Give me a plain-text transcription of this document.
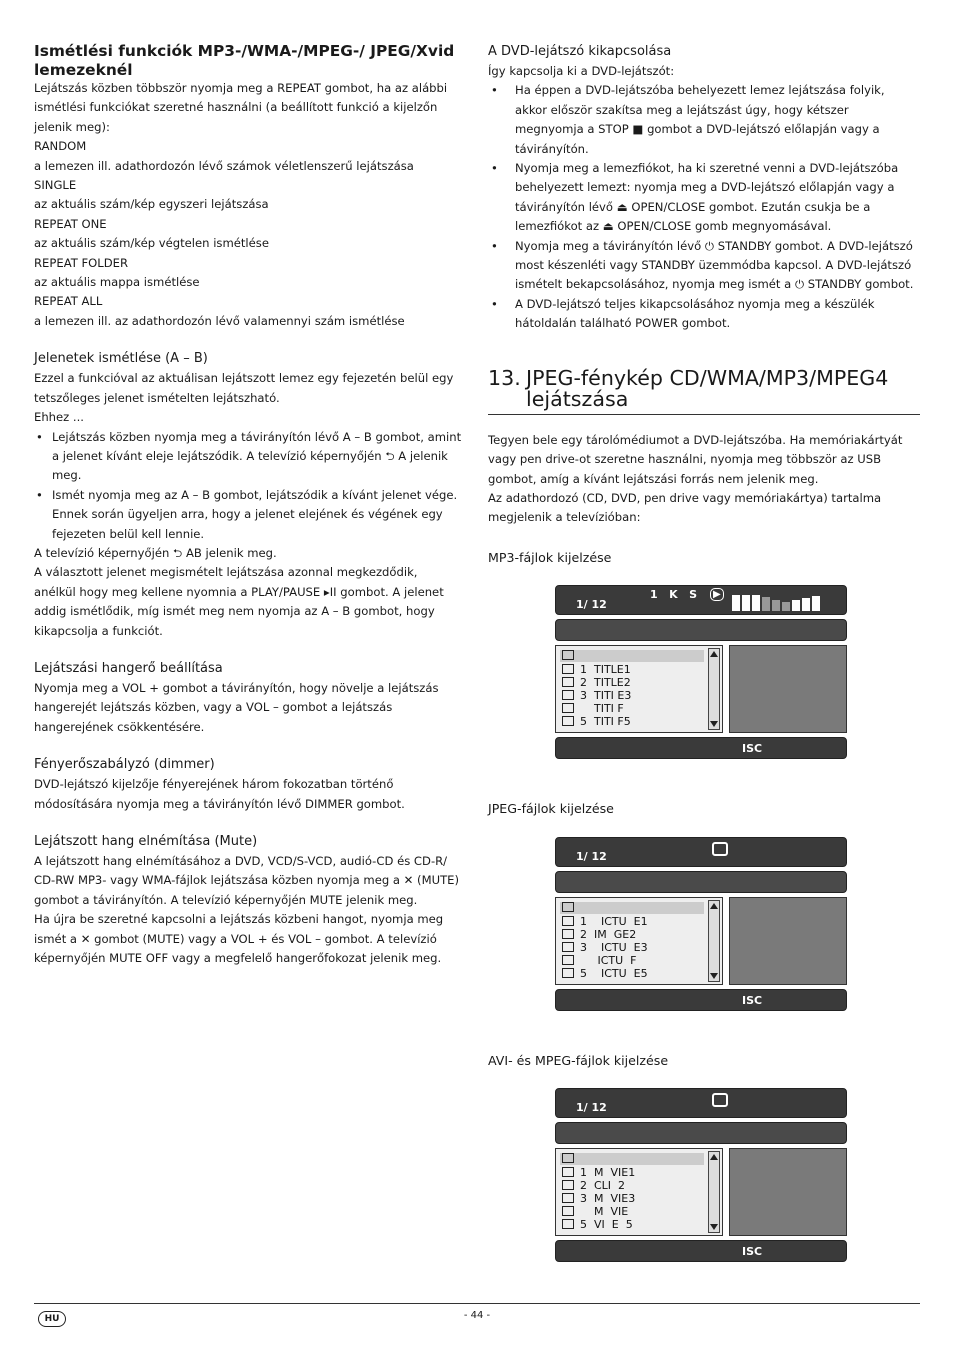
Ismétlési funkciók MP3-/WMA-/MPEG-/ JPEG/Xvid lemezeknél

Lejátszás közben többször nyomja meg a REPEAT gombot, ha az alábbi ismétlési funkciókat szeretné használni (a beállított funkció a kijelzőn jelenik meg):

RANDOM

a lemezen ill. adathordozón lévő számok véletlenszerű lejátszása

SINGLE

az aktuális szám/kép egyszeri lejátszása

REPEAT ONE

az aktuális szám/kép végtelen ismétlése

REPEAT FOLDER

az aktuális mappa ismétlése

REPEAT ALL

a lemezen ill. az adathordozón lévő valamennyi szám ismétlése

Jelenetek ismétlése (A – B)

Ezzel a funkcióval az aktuálisan lejátszott lemez egy fejezetén belül egy tetszőleges jelenet ismételten lejátszható.

Ehhez ...

• Lejátszás közben nyomja meg a távirányítón lévő A – B gombot, amint a jelenet kívánt eleje lejátszódik. A televízió képernyőjén ⮌ A jelenik meg.
• Ismét nyomja meg az A – B gombot, lejátszódik a kívánt jelenet vége. Ennek során ügyeljen arra, hogy a jelenet elejének és végének egy fejezeten belül kell lennie.

A televízió képernyőjén ⮌ AB jelenik meg.

A választott jelenet megismételt lejátszása azonnal megkezdődik, anélkül hogy meg kellene nyomnia a PLAY/PAUSE ▸II gombot. A jelenet addig ismétlődik, míg ismét meg nem nyomja az A – B gombot, hogy kikapcsolja a funkciót.

Lejátszási hangerő beállítása

Nyomja meg a VOL + gombot a távirányítón, hogy növelje a lejátszás hangerejét lejátszás közben, vagy a VOL – gombot a lejátszás hangerejének csökkentésére.

Fényerőszabályzó (dimmer)

DVD-lejátszó kijelzője fényerejének három fokozatban történő módosítására nyomja meg a távirányítón lévő DIMMER gombot.

Lejátszott hang elnémítása (Mute)

A lejátszott hang elnémításához a DVD, VCD/S-VCD, audió-CD és CD-R/ CD-RW MP3- vagy WMA-fájlok lejátszása közben nyomja meg a ✕ (MUTE) gombot a távirányítón. A televízió képernyőjén MUTE jelenik meg.

Ha újra be szeretné kapcsolni a lejátszás közbeni hangot, nyomja meg ismét a ✕ gombot (MUTE) vagy a VOL + és VOL – gombot. A televízió képernyőjén MUTE OFF vagy a megfelelő hangerőfokozat jelenik meg.

A DVD-lejátszó kikapcsolása

Így kapcsolja ki a DVD-lejátszót:

• Ha éppen a DVD-lejátszóba behelyezett lemez lejátszása folyik, akkor először szakítsa meg a lejátszást úgy, hogy kétszer megnyomja a STOP ■ gombot a DVD-lejátszó előlapján vagy a távirányítón.
• Nyomja meg a lemezfiókot, ha ki szeretné venni a DVD-lejátszóba behelyezett lemezt: nyomja meg a DVD-lejátszó előlapján vagy a távirányítón lévő ⏏ OPEN/CLOSE gombot. Ezután csukja be a lemezfiókot az ⏏ OPEN/CLOSE gomb megnyomásával.
• Nyomja meg a távirányítón lévő ⏻ STANDBY gombot. A DVD-lejátszó most készenléti vagy STANDBY üzemmódba kapcsol. A DVD-lejátszó ismételt bekapcsolásához, nyomja meg ismét a ⏻ STANDBY gombot.
• A DVD-lejátszó teljes kikapcsolásához nyomja meg a készülék hátoldalán található POWER gombot.
13. JPEG-fénykép CD/WMA/MP3/MPEG4 lejátszása

Tegyen bele egy tárolómédiumot a DVD-lejátszóba. Ha memóriakártyát vagy pen drive-ot szeretne használni, nyomja meg többször az USB gombot, amíg a kívánt lejátszási forrás nem jelenik meg.

Az adathordozó (CD, DVD, pen drive vagy memóriakártya) tartalma megjelenik a televízióban:

MP3-fájlok kijelzése

1/ 12
1   K   S	▶
1  TITLE1
2  TITLE2
3  TITI E3
TITI F
5  TITI F5
ISC

JPEG-fájlok kijelzése

1/ 12
1    ICTU  E1
2  IM  GE2
3    ICTU  E3
ICTU  F
5    ICTU  E5
ISC

AVI- és MPEG-fájlok kijelzése

1/ 12
1  M  VIE1
2  CLI  2
3  M  VIE3
M  VIE
5  VI  E  5
ISC
HU	- 44 -
